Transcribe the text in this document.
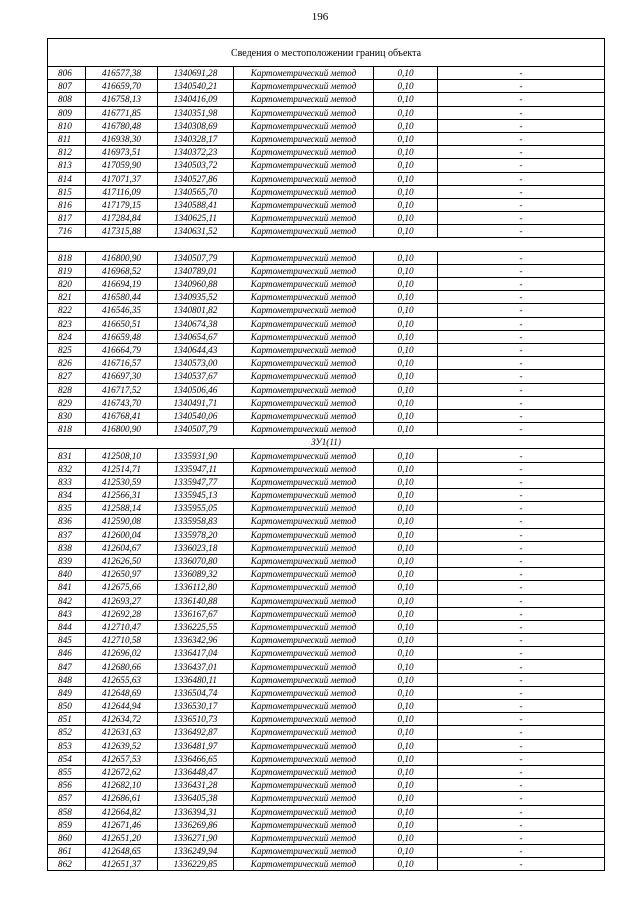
196
Сведения о местоположении границ объекта					
806	416577,38	1340691,28	Картометрический метод	0,10	-
807	416659,70	1340540,21	Картометрический метод	0,10	-
808	416758,13	1340416,09	Картометрический метод	0,10	-
809	416771,85	1340351,98	Картометрический метод	0,10	-
810	416780,48	1340308,69	Картометрический метод	0,10	-
811	416938,30	1340328,17	Картометрический метод	0,10	-
812	416973,51	1340372,23	Картометрический метод	0,10	-
813	417059,90	1340503,72	Картометрический метод	0,10	-
814	417071,37	1340527,86	Картометрический метод	0,10	-
815	417116,09	1340565,70	Картометрический метод	0,10	-
816	417179,15	1340588,41	Картометрический метод	0,10	-
817	417284,84	1340625,11	Картометрический метод	0,10	-
716	417315,88	1340631,52	Картометрический метод	0,10	-

818	416800,90	1340507,79	Картометрический метод	0,10	-
819	416968,52	1340789,01	Картометрический метод	0,10	-
820	416694,19	1340960,88	Картометрический метод	0,10	-
821	416580,44	1340935,52	Картометрический метод	0,10	-
822	416546,35	1340801,82	Картометрический метод	0,10	-
823	416650,51	1340674,38	Картометрический метод	0,10	-
824	416659,48	1340654,67	Картометрический метод	0,10	-
825	416664,79	1340644,43	Картометрический метод	0,10	-
826	416716,57	1340573,00	Картометрический метод	0,10	-
827	416697,30	1340537,67	Картометрический метод	0,10	-
828	416717,52	1340506,46	Картометрический метод	0,10	-
829	416743,70	1340491,71	Картометрический метод	0,10	-
830	416768,41	1340540,06	Картометрический метод	0,10	-
818	416800,90	1340507,79	Картометрический метод	0,10	-
ЗУ1(11)					
831	412508,10	1335931,90	Картометрический метод	0,10	-
832	412514,71	1335947,11	Картометрический метод	0,10	-
833	412530,59	1335947,77	Картометрический метод	0,10	-
834	412566,31	1335945,13	Картометрический метод	0,10	-
835	412588,14	1335955,05	Картометрический метод	0,10	-
836	412590,08	1335958,83	Картометрический метод	0,10	-
837	412600,04	1335978,20	Картометрический метод	0,10	-
838	412604,67	1336023,18	Картометрический метод	0,10	-
839	412626,50	1336070,80	Картометрический метод	0,10	-
840	412650,97	1336089,32	Картометрический метод	0,10	-
841	412675,66	1336112,80	Картометрический метод	0,10	-
842	412693,27	1336140,88	Картометрический метод	0,10	-
843	412692,28	1336167,67	Картометрический метод	0,10	-
844	412710,47	1336225,55	Картометрический метод	0,10	-
845	412710,58	1336342,96	Картометрический метод	0,10	-
846	412696,02	1336417,04	Картометрический метод	0,10	-
847	412680,66	1336437,01	Картометрический метод	0,10	-
848	412655,63	1336480,11	Картометрический метод	0,10	-
849	412648,69	1336504,74	Картометрический метод	0,10	-
850	412644,94	1336530,17	Картометрический метод	0,10	-
851	412634,72	1336510,73	Картометрический метод	0,10	-
852	412631,63	1336492,87	Картометрический метод	0,10	-
853	412639,52	1336481,97	Картометрический метод	0,10	-
854	412657,53	1336466,65	Картометрический метод	0,10	-
855	412672,62	1336448,47	Картометрический метод	0,10	-
856	412682,10	1336431,28	Картометрический метод	0,10	-
857	412686,61	1336405,38	Картометрический метод	0,10	-
858	412664,82	1336394,31	Картометрический метод	0,10	-
859	412671,46	1336269,86	Картометрический метод	0,10	-
860	412651,20	1336271,90	Картометрический метод	0,10	-
861	412648,65	1336249,94	Картометрический метод	0,10	-
862	412651,37	1336229,85	Картометрический метод	0,10	-
